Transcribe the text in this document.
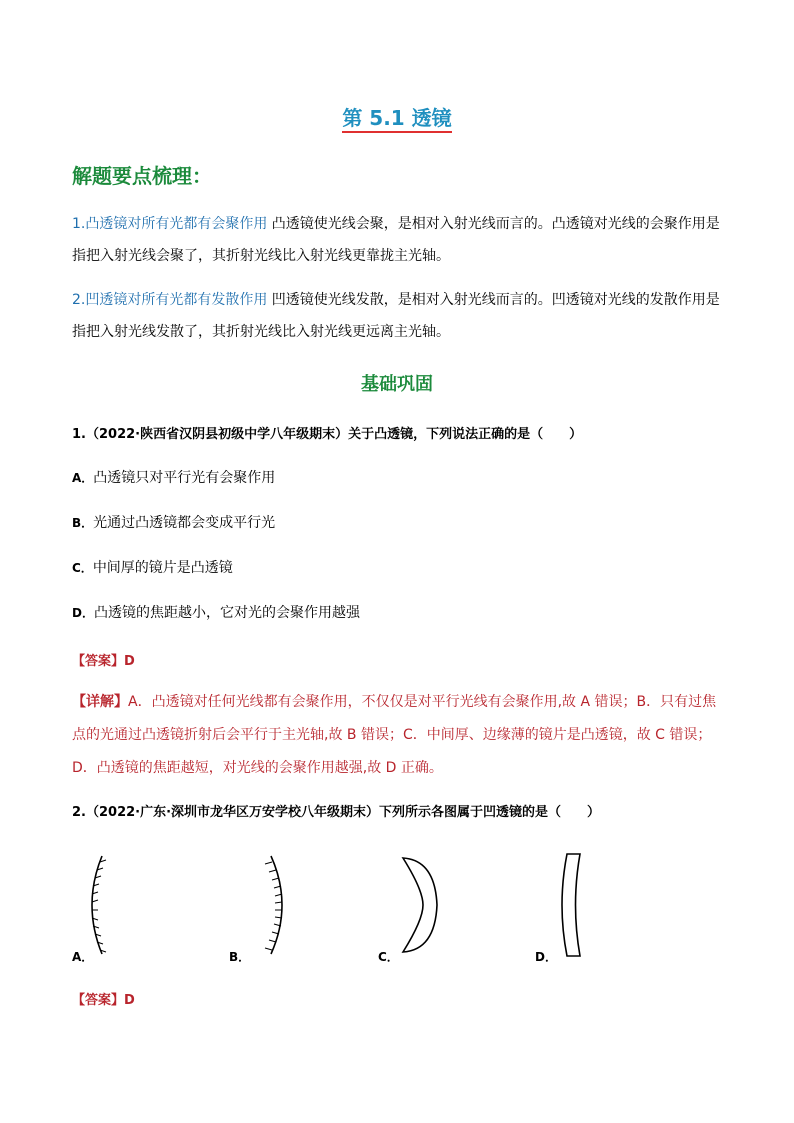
第 5.1 透镜
解题要点梳理：
1.凸透镜对所有光都有会聚作用 凸透镜使光线会聚，是相对入射光线而言的。凸透镜对光线的会聚作用是指把入射光线会聚了，其折射光线比入射光线更靠拢主光轴。
2.凹透镜对所有光都有发散作用 凹透镜使光线发散，是相对入射光线而言的。凹透镜对光线的发散作用是指把入射光线发散了，其折射光线比入射光线更远离主光轴。
基础巩固
1.（2022·陕西省汉阴县初级中学八年级期末）关于凸透镜，下列说法正确的是（　　）
A．凸透镜只对平行光有会聚作用
B．光通过凸透镜都会变成平行光
C．中间厚的镜片是凸透镜
D．凸透镜的焦距越小，它对光的会聚作用越强
【答案】D
【详解】A．凸透镜对任何光线都有会聚作用，不仅仅是对平行光线有会聚作用,故 A 错误；B．只有过焦点的光通过凸透镜折射后会平行于主光轴,故 B 错误；C．中间厚、边缘薄的镜片是凸透镜，故 C 错误；D．凸透镜的焦距越短，对光线的会聚作用越强,故 D 正确。
2.（2022·广东·深圳市龙华区万安学校八年级期末）下列所示各图属于凹透镜的是（　　）
A．	B．	C．	D．
【答案】D
